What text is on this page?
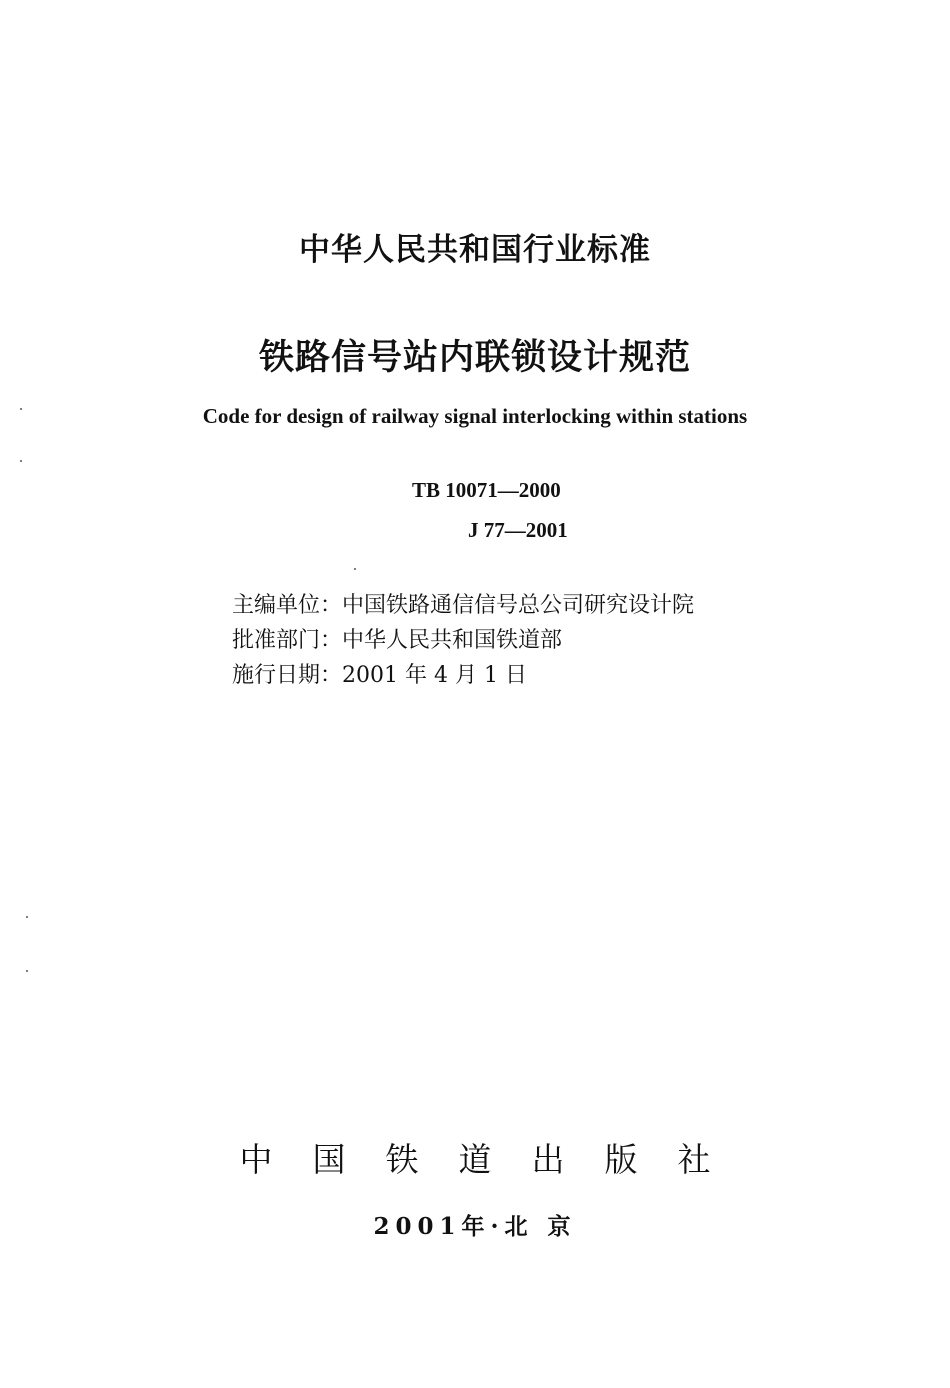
中华人民共和国行业标准
铁路信号站内联锁设计规范
Code for design of railway signal interlocking within stations
TB 10071—2000
J 77—2001
主编单位：中国铁路通信信号总公司研究设计院
批准部门：中华人民共和国铁道部
施行日期：2001 年 4 月 1 日
中国铁道出版社
2001年·北 京
